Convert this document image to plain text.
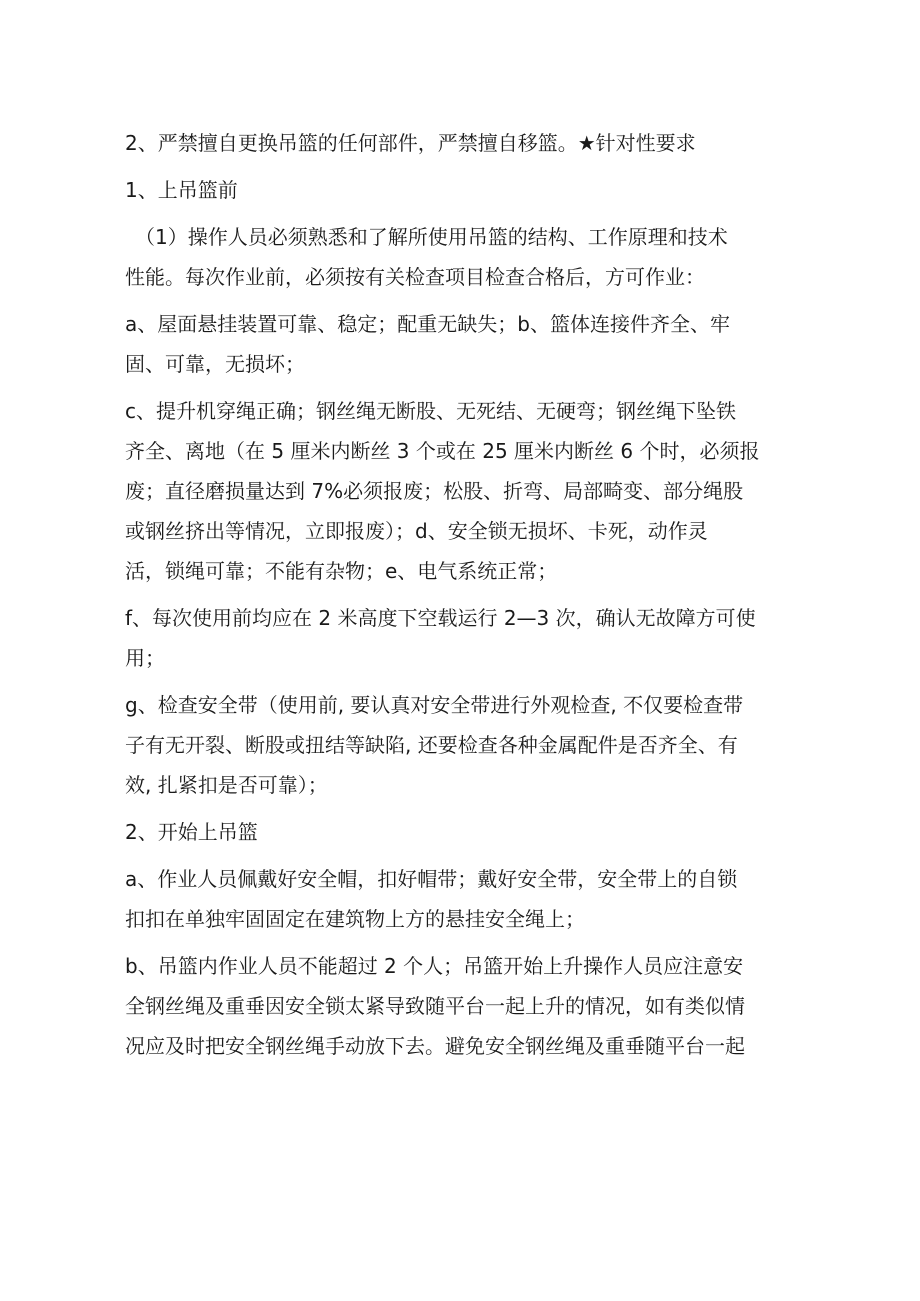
2、严禁擅自更换吊篮的任何部件，严禁擅自移篮。★针对性要求

1、上吊篮前

（1）操作人员必须熟悉和了解所使用吊篮的结构、工作原理和技术
性能。每次作业前，必须按有关检查项目检查合格后，方可作业：

a、屋面悬挂装置可靠、稳定；配重无缺失；b、篮体连接件齐全、牢
固、可靠，无损坏；

c、提升机穿绳正确；钢丝绳无断股、无死结、无硬弯；钢丝绳下坠铁
齐全、离地（在 5 厘米内断丝 3 个或在 25 厘米内断丝 6 个时，必须报
废；直径磨损量达到 7%必须报废；松股、折弯、局部畸变、部分绳股
或钢丝挤出等情况，立即报废）；d、安全锁无损坏、卡死，动作灵
活，锁绳可靠；不能有杂物；e、电气系统正常；

f、每次使用前均应在 2 米高度下空载运行 2—3 次，确认无故障方可使
用；

g、检查安全带（使用前, 要认真对安全带进行外观检查, 不仅要检查带
子有无开裂、断股或扭结等缺陷, 还要检查各种金属配件是否齐全、有
效, 扎紧扣是否可靠）；

2、开始上吊篮

a、作业人员佩戴好安全帽，扣好帽带；戴好安全带，安全带上的自锁
扣扣在单独牢固固定在建筑物上方的悬挂安全绳上；

b、吊篮内作业人员不能超过 2 个人；吊篮开始上升操作人员应注意安
全钢丝绳及重垂因安全锁太紧导致随平台一起上升的情况，如有类似情
况应及时把安全钢丝绳手动放下去。避免安全钢丝绳及重垂随平台一起
